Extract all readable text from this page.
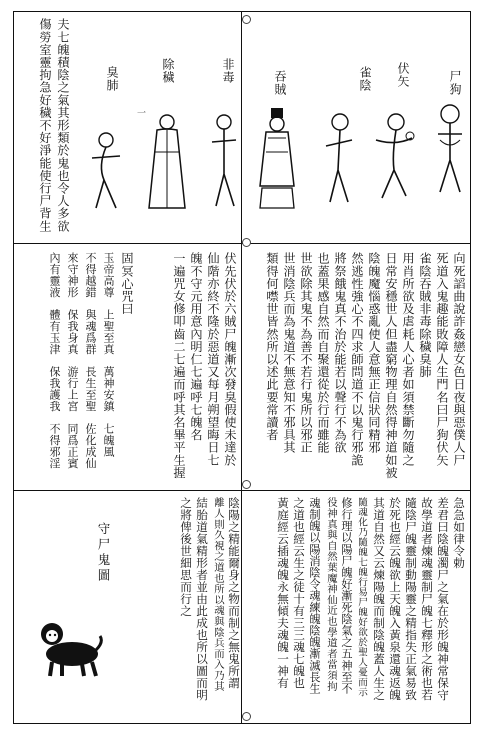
尸狗
伏矢
雀陰
吞賊
非毒
除穢
一
臭肺
夫七魄積陰之氣其形類於鬼也令人多欲
傷勞室靈拘急好穢不好淨能使行尸背生
向死謟曲說詐姦戀女色日夜與惡僕人尸
死道入鬼趣能敗障人生門名曰尸狗伏矢
雀陰吞賊非毒除穢臭肺
用肖所欲及虐耗人心者如須禁斷勿隨之
日常安穩世人但盡窮物理自然得神道如被
陰魄魔惱惑亂使人意無正信狀同精邪
然逃性強心不四求師問道不以鬼行邪詭
將祭餓鬼真不治於能若以聲行不為欲
也蓋果感自然而自聚還從於行而雖能
世欲除其鬼不為善不若行鬼所以邪正
世消陰兵而為鬼道不無意知不邪具其
類得何噤世皆然所以述此要常讀者
伏先伏於六賊尸魄漸次發臭假使未達於
仙階亦終不隆於惡道又每月朔望晦日七
魄不守元用意內明仁七遍呼七魄名
一遍咒女修叩齒二七遍而呼其名畢平生握
固冥心咒曰
玉帝高尊　上聖至真　萬神安鎮　七魄風
不得越錯　與魂爲群　長生至聖　佐化成仙
來守神形　保我身真　游行上宮　同爲正賓
內有靈液　體有玉津　保我護我　不得邪淫
急急如律令勅
差君曰陰魄濁尸之氣在於形魄神常保守
故學道者煉魂靈制尸魄七釋形之術也若
隨陰尸魄靈制動陽靈之精指失正氣易致
於死也經云魄欲上天魄入黃泉還魂返魄
其道自然又云煉陽魄而制陰魄蓋人生之
隨魂化乃隨魄七魄行易尸魄好欲於聖人憂而示
修行理以陽尸魄好漸死陰氣之五神至不
役神真與自然葉魔神仙近也學道者當須拘
魂制魄以陽消陰令魂練魄陰魄漸滅長生
之道也經云生之徒十有三三魂七魄也
黃庭經云插魂魄永無傾夫魂魄一神有
陰陽之精能爾身之物而制之無鬼所謂
離人則久視之道也所以魂與陰兵而入乃其
結胎道氣精形者並由此成也所以圖而明
之將俾後世細思而行之
守尸鬼圖
